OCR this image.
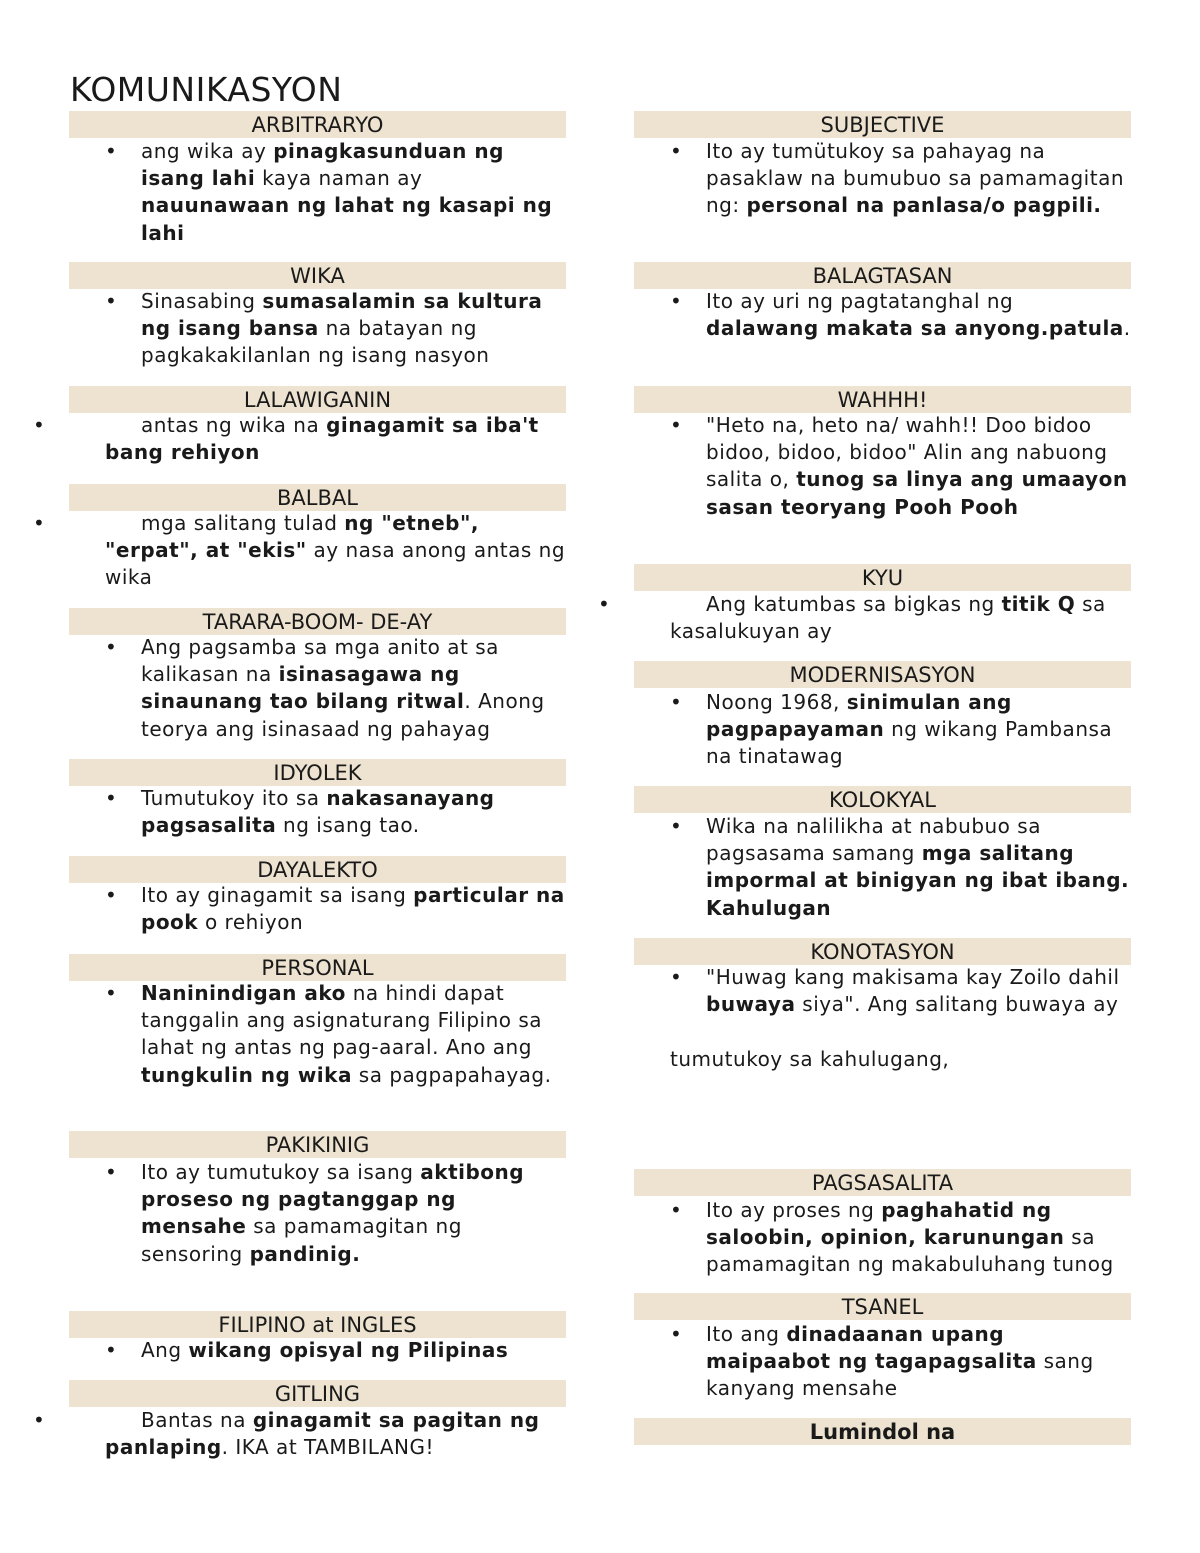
KOMUNIKASYON
ARBITRARYO
• ang wika ay pinagkasunduan ng isang lahi kaya naman ay nauunawaan ng lahat ng kasapi ng lahi
WIKA
• Sinasabing sumasalamin sa kultura ng isang bansa na batayan ng pagkakakilanlan ng isang nasyon
LALAWIGANIN
•	antas ng wika na ginagamit sa iba't bang rehiyon
BALBAL
•	mga salitang tulad ng "etneb", "erpat", at "ekis" ay nasa anong antas ng wika
TARARA-BOOM- DE-AY
• Ang pagsamba sa mga anito at sa kalikasan na isinasagawa ng sinaunang tao bilang ritwal. Anong teorya ang isinasaad ng pahayag
IDYOLEK
• Tumutukoy ito sa nakasanayang pagsasalita ng isang tao.
DAYALEKTO
• Ito ay ginagamit sa isang particular na pook o rehiyon
PERSONAL
• Naninindigan ako na hindi dapat tanggalin ang asignaturang Filipino sa lahat ng antas ng pag-aaral. Ano ang tungkulin ng wika sa pagpapahayag.
PAKIKINIG
• Ito ay tumutukoy sa isang aktibong proseso ng pagtanggap ng mensahe sa pamamagitan ng sensoring pandinig.
FILIPINO at INGLES
• Ang wikang opisyal ng Pilipinas
GITLING
•	Bantas na ginagamit sa pagitan ng panlaping. IKA at TAMBILANG!
SUBJECTIVE
• Ito ay tumütukoy sa pahayag na pasaklaw na bumubuo sa pamamagitan ng: personal na panlasa/o pagpili.
BALAGTASAN
• Ito ay uri ng pagtatanghal ng dalawang makata sa anyong.patula.
WAHHH!
• "Heto na, heto na/ wahh!! Doo bidoo bidoo, bidoo, bidoo" Alin ang nabuong salita o, tunog sa linya ang umaayon sasan teoryang Pooh Pooh
KYU
•	Ang katumbas sa bigkas ng titik Q sa kasalukuyan ay
MODERNISASYON
• Noong 1968, sinimulan ang pagpapayaman ng wikang Pambansa na tinatawag
KOLOKYAL
• Wika na nalilikha at nabubuo sa pagsasama samang mga salitang impormal at binigyan ng ibat ibang. Kahulugan
KONOTASYON
• "Huwag kang makisama kay Zoilo dahil buwaya siya". Ang salitang buwaya ay
tumutukoy sa kahulugang,
PAGSASALITA
• Ito ay proses ng paghahatid ng saloobin, opinion, karunungan sa pamamagitan ng makabuluhang tunog
TSANEL
• Ito ang dinadaanan upang maipaabot ng tagapagsalita sang kanyang mensahe
Lumindol na
